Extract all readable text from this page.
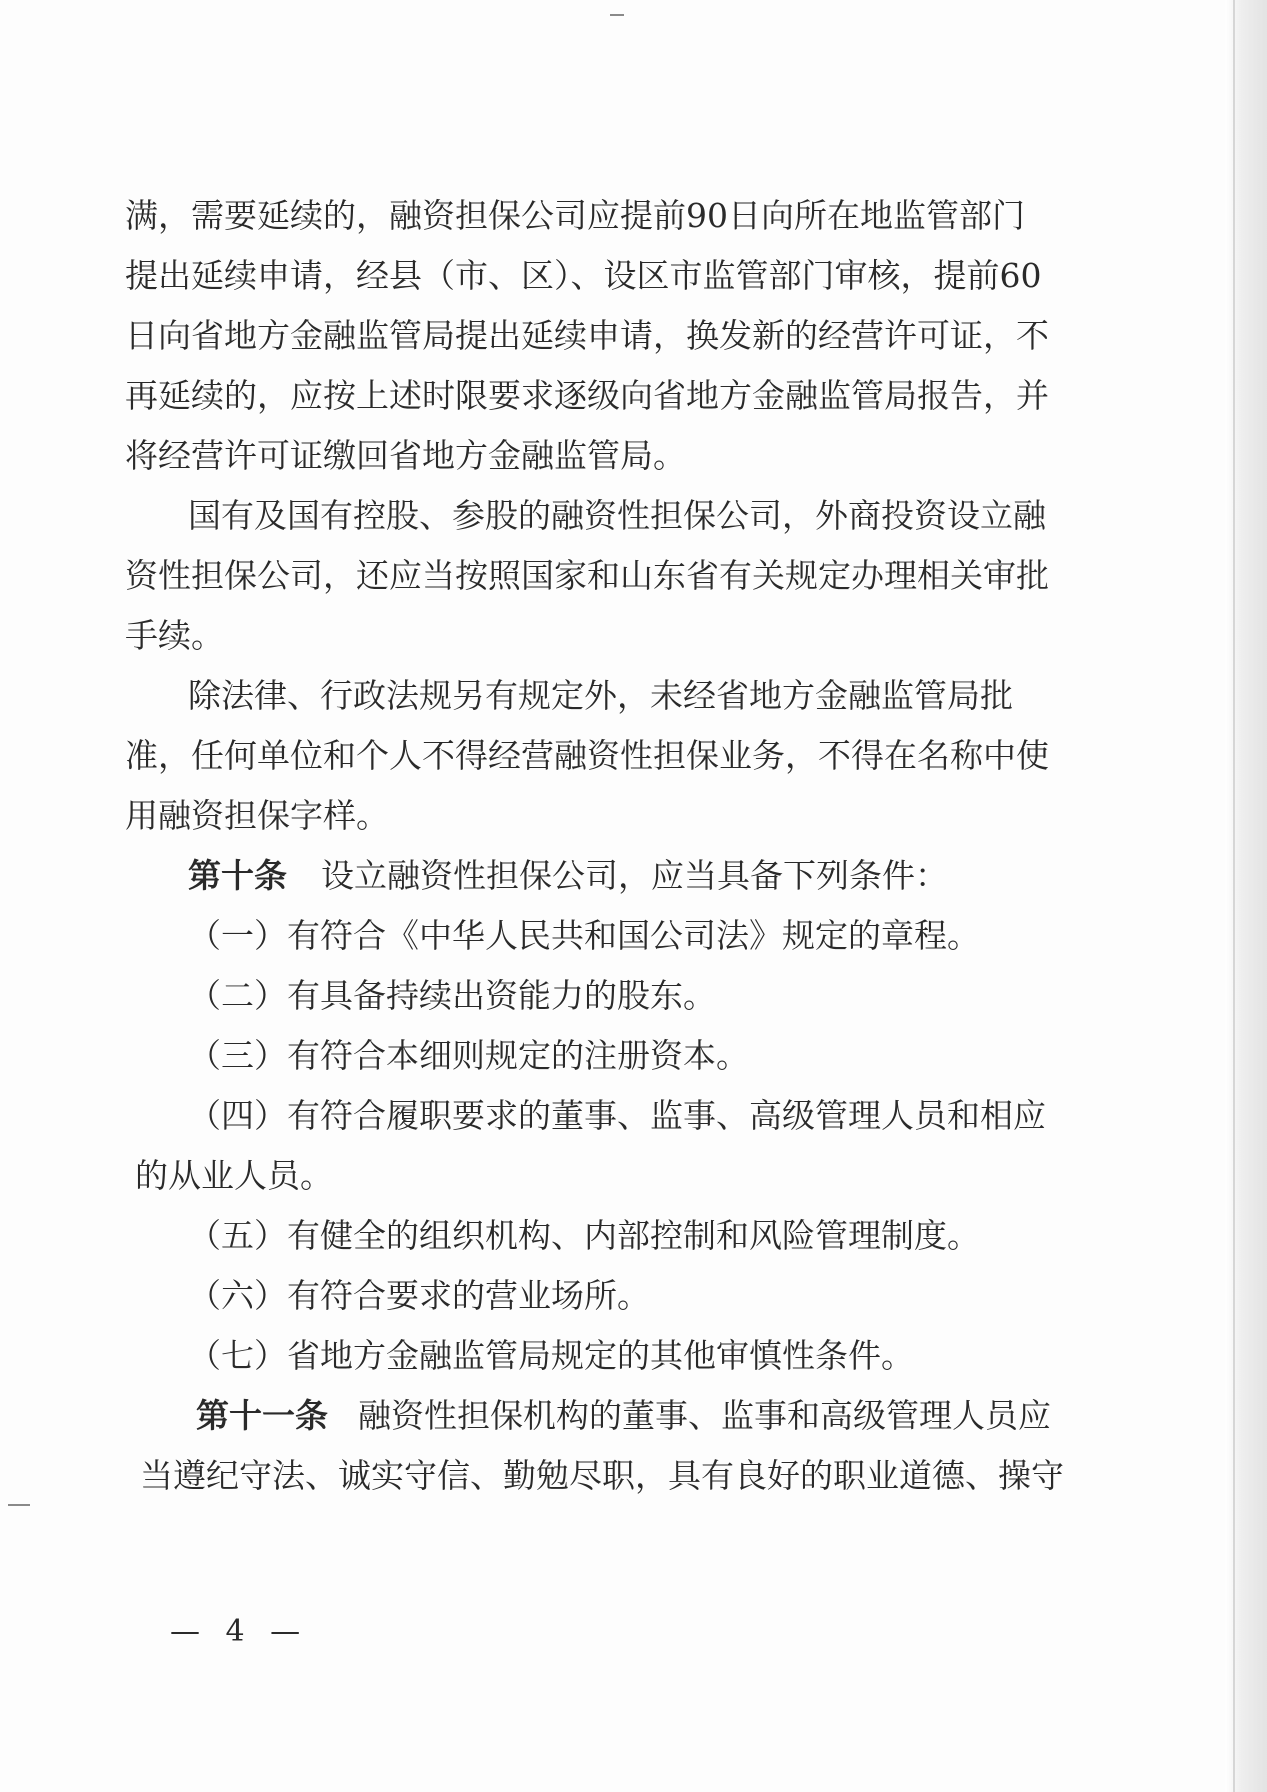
满，需要延续的，融资担保公司应提前90日向所在地监管部门
提出延续申请，经县（市、区）、设区市监管部门审核，提前60
日向省地方金融监管局提出延续申请，换发新的经营许可证，不
再延续的，应按上述时限要求逐级向省地方金融监管局报告，并
将经营许可证缴回省地方金融监管局。
国有及国有控股、参股的融资性担保公司，外商投资设立融
资性担保公司，还应当按照国家和山东省有关规定办理相关审批
手续。
除法律、行政法规另有规定外，未经省地方金融监管局批
准，任何单位和个人不得经营融资性担保业务，不得在名称中使
用融资担保字样。
第十条 设立融资性担保公司，应当具备下列条件：
（一）有符合《中华人民共和国公司法》规定的章程。
（二）有具备持续出资能力的股东。
（三）有符合本细则规定的注册资本。
（四）有符合履职要求的董事、监事、高级管理人员和相应
的从业人员。
（五）有健全的组织机构、内部控制和风险管理制度。
（六）有符合要求的营业场所。
（七）省地方金融监管局规定的其他审慎性条件。
第十一条 融资性担保机构的董事、监事和高级管理人员应
当遵纪守法、诚实守信、勤勉尽职，具有良好的职业道德、操守
— 4 —
